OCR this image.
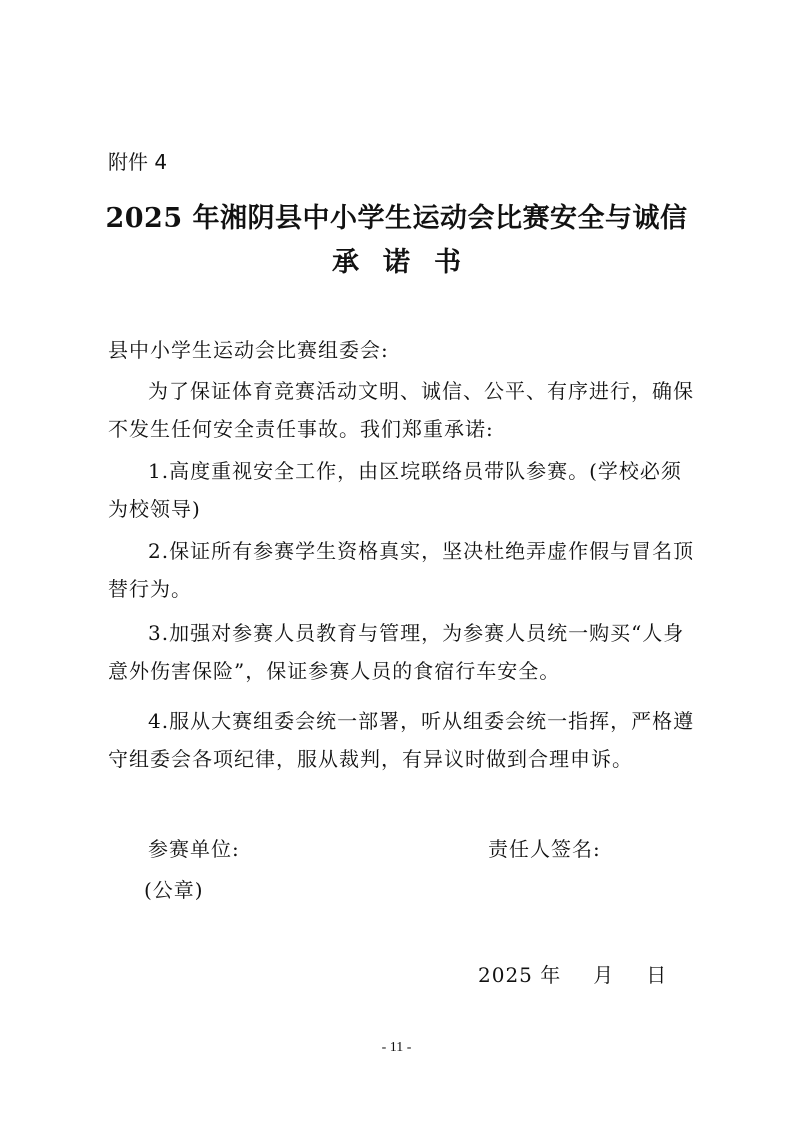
附件 4
2025 年湘阴县中小学生运动会比赛安全与诚信
承诺书
县中小学生运动会比赛组委会:
为了保证体育竞赛活动文明、诚信、公平、有序进行，确保
不发生任何安全责任事故。我们郑重承诺:
1.高度重视安全工作，由区垸联络员带队参赛。(学校必须
为校领导)
2.保证所有参赛学生资格真实，坚决杜绝弄虚作假与冒名顶
替行为。
3.加强对参赛人员教育与管理，为参赛人员统一购买“人身
意外伤害保险”，保证参赛人员的食宿行车安全。
4.服从大赛组委会统一部署，听从组委会统一指挥，严格遵
守组委会各项纪律，服从裁判，有异议时做到合理申诉。
参赛单位:	责任人签名:
(公章)
2025 年 月 日
- 11 -
